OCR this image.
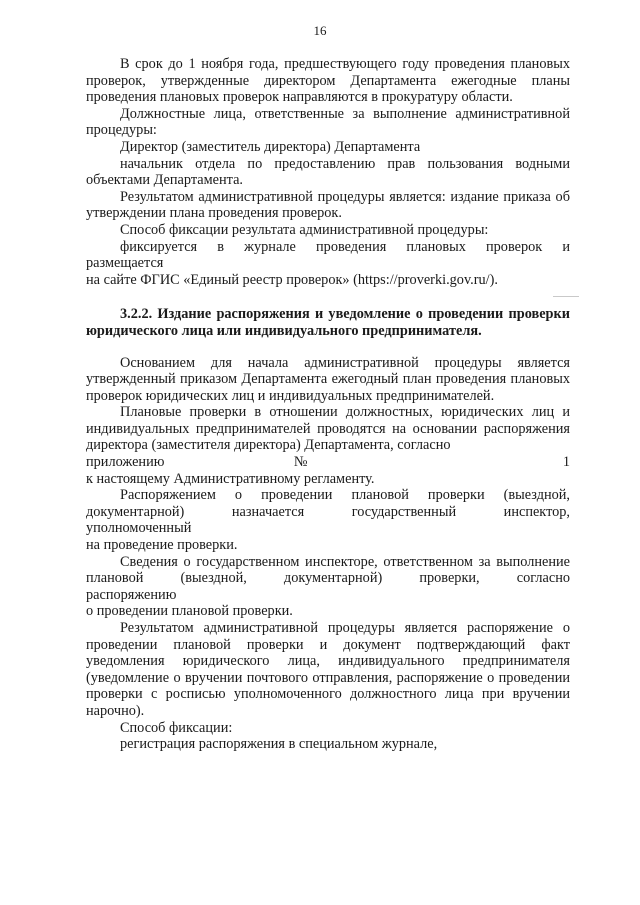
16

В срок до 1 ноября года, предшествующего году проведения плановых проверок, утвержденные директором Департамента ежегодные планы проведения плановых проверок направляются в прокуратуру области.

Должностные лица, ответственные за выполнение административной процедуры:

Директор (заместитель директора) Департамента

начальник отдела по предоставлению прав пользования водными объектами Департамента.

Результатом административной процедуры является: издание приказа об утверждении плана проведения проверок.

Способ фиксации результата административной процедуры:

фиксируется в журнале проведения плановых проверок и

размещается

на сайте ФГИС «Единый реестр проверок» (https://proverki.gov.ru/).

3.2.2. Издание распоряжения и уведомление о проведении проверки юридического лица или индивидуального предпринимателя.

Основанием для начала административной процедуры является утвержденный приказом Департамента ежегодный план проведения плановых проверок юридических лиц и индивидуальных предпринимателей.

Плановые проверки в отношении должностных, юридических лиц и индивидуальных предпринимателей проводятся на основании распоряжения директора (заместителя директора) Департамента, согласно

приложению № 1

к настоящему Административному регламенту.

Распоряжением о проведении плановой проверки (выездной, документарной) назначается государственный инспектор,

уполномоченный

на проведение проверки.

Сведения о государственном инспекторе, ответственном за выполнение плановой (выездной, документарной) проверки, согласно

распоряжению

о проведении плановой проверки.

Результатом административной процедуры является распоряжение о проведении плановой проверки и документ подтверждающий факт уведомления юридического лица, индивидуального предпринимателя (уведомление о вручении почтового отправления, распоряжение о проведении проверки с росписью уполномоченного должностного лица при вручении нарочно).

Способ фиксации:

регистрация распоряжения в специальном журнале,
